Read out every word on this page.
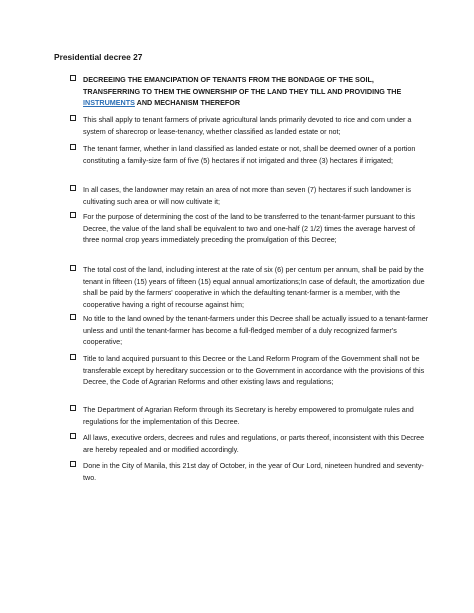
Presidential decree 27
DECREEING THE EMANCIPATION OF TENANTS FROM THE BONDAGE OF THE SOIL, TRANSFERRING TO THEM THE OWNERSHIP OF THE LAND THEY TILL AND PROVIDING THE
INSTRUMENTS AND MECHANISM THEREFOR
This shall apply to tenant farmers of private agricultural lands primarily devoted to rice and corn under a system of sharecrop or lease-tenancy, whether classified as landed estate or not;
The tenant farmer, whether in land classified as landed estate or not, shall be deemed owner of a portion constituting a family-size farm of five (5) hectares if not irrigated and three (3) hectares if irrigated;
In all cases, the landowner may retain an area of not more than seven (7) hectares if such landowner is cultivating such area or will now cultivate it;
For the purpose of determining the cost of the land to be transferred to the tenant-farmer pursuant to this Decree, the value of the land shall be equivalent to two and one-half (2 1/2) times the average harvest of three normal crop years immediately preceding the promulgation of this Decree;
The total cost of the land, including interest at the rate of six (6) per centum per annum, shall be paid by the tenant in fifteen (15) years of fifteen (15) equal annual amortizations;In case of default, the amortization due shall be paid by the farmers' cooperative in which the defaulting tenant-farmer is a member, with the cooperative having a right of recourse against him;
No title to the land owned by the tenant-farmers under this Decree shall be actually issued to a tenant-farmer unless and until the tenant-farmer has become a full-fledged member of a duly recognized farmer's cooperative;
Title to land acquired pursuant to this Decree or the Land Reform Program of the Government shall not be transferable except by hereditary succession or to the Government in accordance with the provisions of this Decree, the Code of Agrarian Reforms and other existing laws and regulations;
The Department of Agrarian Reform through its Secretary is hereby empowered to promulgate rules and regulations for the implementation of this Decree.
All laws, executive orders, decrees and rules and regulations, or parts thereof, inconsistent with this Decree are hereby repealed and or modified accordingly.
Done in the City of Manila, this 21st day of October, in the year of Our Lord, nineteen hundred and seventy-two.
